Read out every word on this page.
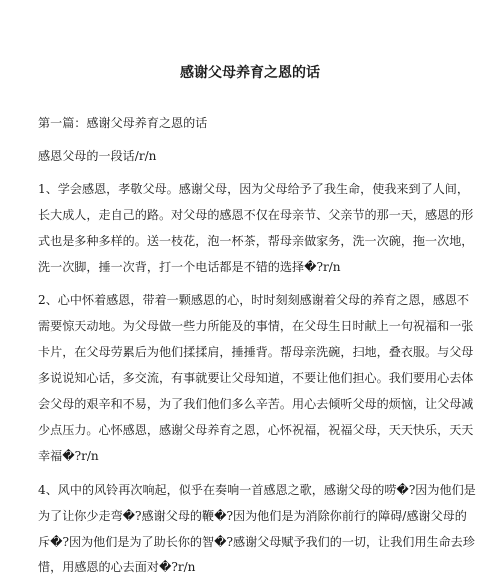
感谢父母养育之恩的话
第一篇：感谢父母养育之恩的话
感恩父母的一段话/r/n
1、学会感恩，孝敬父母。感谢父母，因为父母给予了我生命，使我来到了人间，
长大成人，走自己的路。对父母的感恩不仅在母亲节、父亲节的那一天，感恩的形
式也是多种多样的。送一枝花，泡一杯茶，帮母亲做家务，洗一次碗，拖一次地，
洗一次脚，捶一次背，打一个电话都是不错的选择�?r/n
2、心中怀着感恩，带着一颗感恩的心，时时刻刻感谢着父母的养育之恩，感恩不
需要惊天动地。为父母做一些力所能及的事情，在父母生日时献上一句祝福和一张
卡片，在父母劳累后为他们揉揉肩，捶捶背。帮母亲洗碗，扫地，叠衣服。与父母
多说说知心话，多交流，有事就要让父母知道，不要让他们担心。我们要用心去体
会父母的艰辛和不易，为了我们他们多么辛苦。用心去倾听父母的烦恼，让父母减
少点压力。心怀感恩，感谢父母养育之恩，心怀祝福，祝福父母，天天快乐，天天
幸福�?r/n
4、风中的风铃再次响起，似乎在奏响一首感恩之歌，感谢父母的唠�?因为他们是
为了让你少走弯�?感谢父母的鞭�?因为他们是为消除你前行的障碍/感谢父母的
斥�?因为他们是为了助长你的智�?感谢父母赋予我们的一切，让我们用生命去珍
惜，用感恩的心去面对�?r/n
